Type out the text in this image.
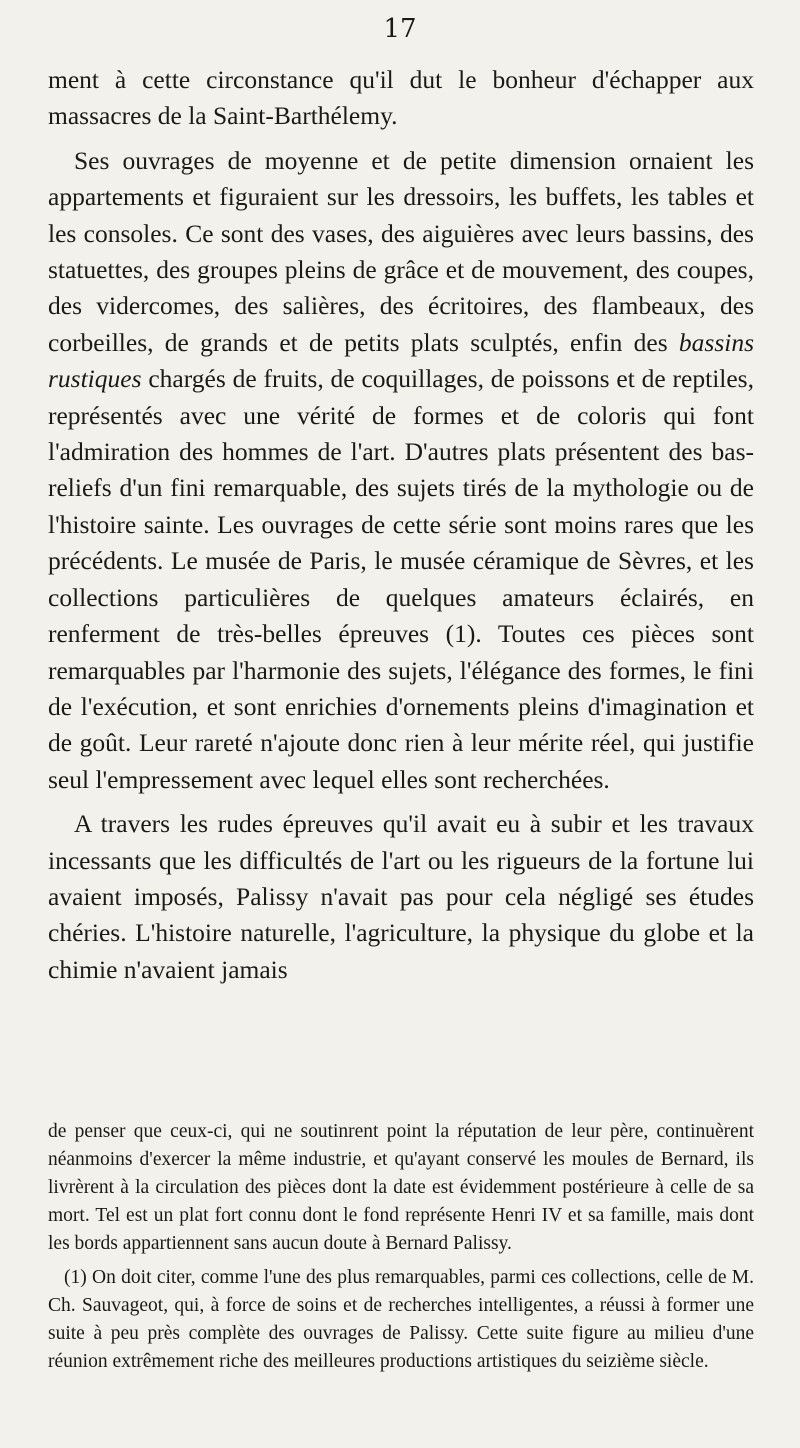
17

ment à cette circonstance qu'il dut le bonheur d'échapper aux massacres de la Saint-Barthélemy.

Ses ouvrages de moyenne et de petite dimension ornaient les appartements et figuraient sur les dressoirs, les buffets, les tables et les consoles. Ce sont des vases, des aiguières avec leurs bassins, des statuettes, des groupes pleins de grâce et de mouvement, des coupes, des vidercomes, des salières, des écritoires, des flambeaux, des corbeilles, de grands et de petits plats sculptés, enfin des bassins rustiques chargés de fruits, de coquillages, de poissons et de reptiles, représentés avec une vérité de formes et de coloris qui font l'admiration des hommes de l'art. D'autres plats présentent des bas-reliefs d'un fini remarquable, des sujets tirés de la mythologie ou de l'histoire sainte. Les ouvrages de cette série sont moins rares que les précédents. Le musée de Paris, le musée céramique de Sèvres, et les collections particulières de quelques amateurs éclairés, en renferment de très-belles épreuves (1). Toutes ces pièces sont remarquables par l'harmonie des sujets, l'élégance des formes, le fini de l'exécution, et sont enrichies d'ornements pleins d'imagination et de goût. Leur rareté n'ajoute donc rien à leur mérite réel, qui justifie seul l'empressement avec lequel elles sont recherchées.

A travers les rudes épreuves qu'il avait eu à subir et les travaux incessants que les difficultés de l'art ou les rigueurs de la fortune lui avaient imposés, Palissy n'avait pas pour cela négligé ses études chéries. L'histoire naturelle, l'agriculture, la physique du globe et la chimie n'avaient jamais

de penser que ceux-ci, qui ne soutinrent point la réputation de leur père, continuèrent néanmoins d'exercer la même industrie, et qu'ayant conservé les moules de Bernard, ils livrèrent à la circulation des pièces dont la date est évidemment postérieure à celle de sa mort. Tel est un plat fort connu dont le fond représente Henri IV et sa famille, mais dont les bords appartiennent sans aucun doute à Bernard Palissy.

(1) On doit citer, comme l'une des plus remarquables, parmi ces collections, celle de M. Ch. Sauvageot, qui, à force de soins et de recherches intelligentes, a réussi à former une suite à peu près complète des ouvrages de Palissy. Cette suite figure au milieu d'une réunion extrêmement riche des meilleures productions artistiques du seizième siècle.
